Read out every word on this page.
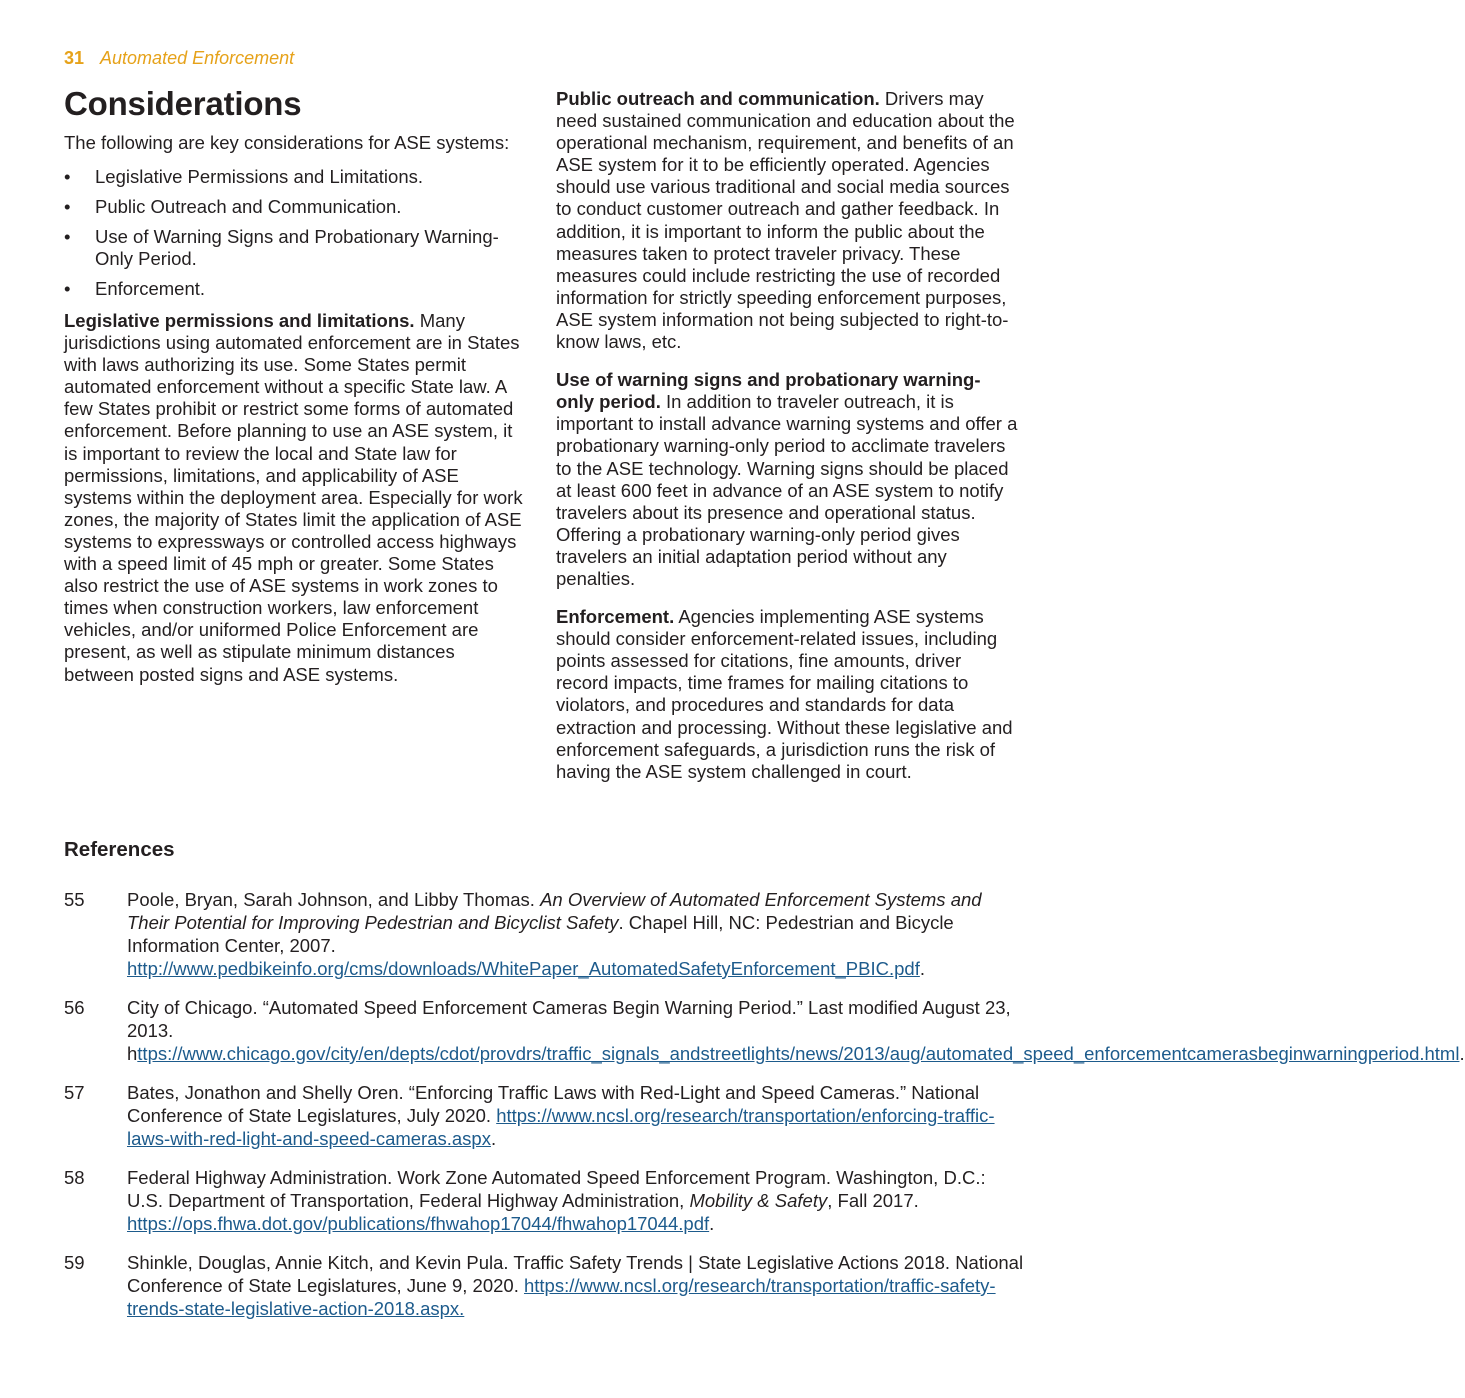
31 Automated Enforcement
Considerations

The following are key considerations for ASE systems:

• Legislative Permissions and Limitations.
• Public Outreach and Communication.
• Use of Warning Signs and Probationary Warning-Only Period.
• Enforcement.

Legislative permissions and limitations. Many jurisdictions using automated enforcement are in States with laws authorizing its use. Some States permit automated enforcement without a specific State law. A few States prohibit or restrict some forms of automated enforcement. Before planning to use an ASE system, it is important to review the local and State law for permissions, limitations, and applicability of ASE systems within the deployment area. Especially for work zones, the majority of States limit the application of ASE systems to expressways or controlled access highways with a speed limit of 45 mph or greater. Some States also restrict the use of ASE systems in work zones to times when construction workers, law enforcement vehicles, and/or uniformed Police Enforcement are present, as well as stipulate minimum distances between posted signs and ASE systems.

Public outreach and communication. Drivers may need sustained communication and education about the operational mechanism, requirement, and benefits of an ASE system for it to be efficiently operated. Agencies should use various traditional and social media sources to conduct customer outreach and gather feedback. In addition, it is important to inform the public about the measures taken to protect traveler privacy. These measures could include restricting the use of recorded information for strictly speeding enforcement purposes, ASE system information not being subjected to right-to-know laws, etc.

Use of warning signs and probationary warning-only period. In addition to traveler outreach, it is important to install advance warning systems and offer a probationary warning-only period to acclimate travelers to the ASE technology. Warning signs should be placed at least 600 feet in advance of an ASE system to notify travelers about its presence and operational status. Offering a probationary warning-only period gives travelers an initial adaptation period without any penalties.

Enforcement. Agencies implementing ASE systems should consider enforcement-related issues, including points assessed for citations, fine amounts, driver record impacts, time frames for mailing citations to violators, and procedures and standards for data extraction and processing. Without these legislative and enforcement safeguards, a jurisdiction runs the risk of having the ASE system challenged in court.

References
55 Poole, Bryan, Sarah Johnson, and Libby Thomas. An Overview of Automated Enforcement Systems and Their Potential for Improving Pedestrian and Bicyclist Safety. Chapel Hill, NC: Pedestrian and Bicycle Information Center, 2007. http://www.pedbikeinfo.org/cms/downloads/WhitePaper_AutomatedSafetyEnforcement_PBIC.pdf.
56 City of Chicago. “Automated Speed Enforcement Cameras Begin Warning Period.” Last modified August 23, 2013. https://www.chicago.gov/city/en/depts/cdot/provdrs/traffic_signals_andstreetlights/news/2013/aug/automated_speed_enforcementcamerasbeginwarningperiod.html.
57 Bates, Jonathon and Shelly Oren. “Enforcing Traffic Laws with Red-Light and Speed Cameras.” National Conference of State Legislatures, July 2020. https://www.ncsl.org/research/transportation/enforcing-traffic-laws-with-red-light-and-speed-cameras.aspx.
58 Federal Highway Administration. Work Zone Automated Speed Enforcement Program. Washington, D.C.: U.S. Department of Transportation, Federal Highway Administration, Mobility & Safety, Fall 2017. https://ops.fhwa.dot.gov/publications/fhwahop17044/fhwahop17044.pdf.
59 Shinkle, Douglas, Annie Kitch, and Kevin Pula. Traffic Safety Trends | State Legislative Actions 2018. National Conference of State Legislatures, June 9, 2020. https://www.ncsl.org/research/transportation/traffic-safety-trends-state-legislative-action-2018.aspx.
